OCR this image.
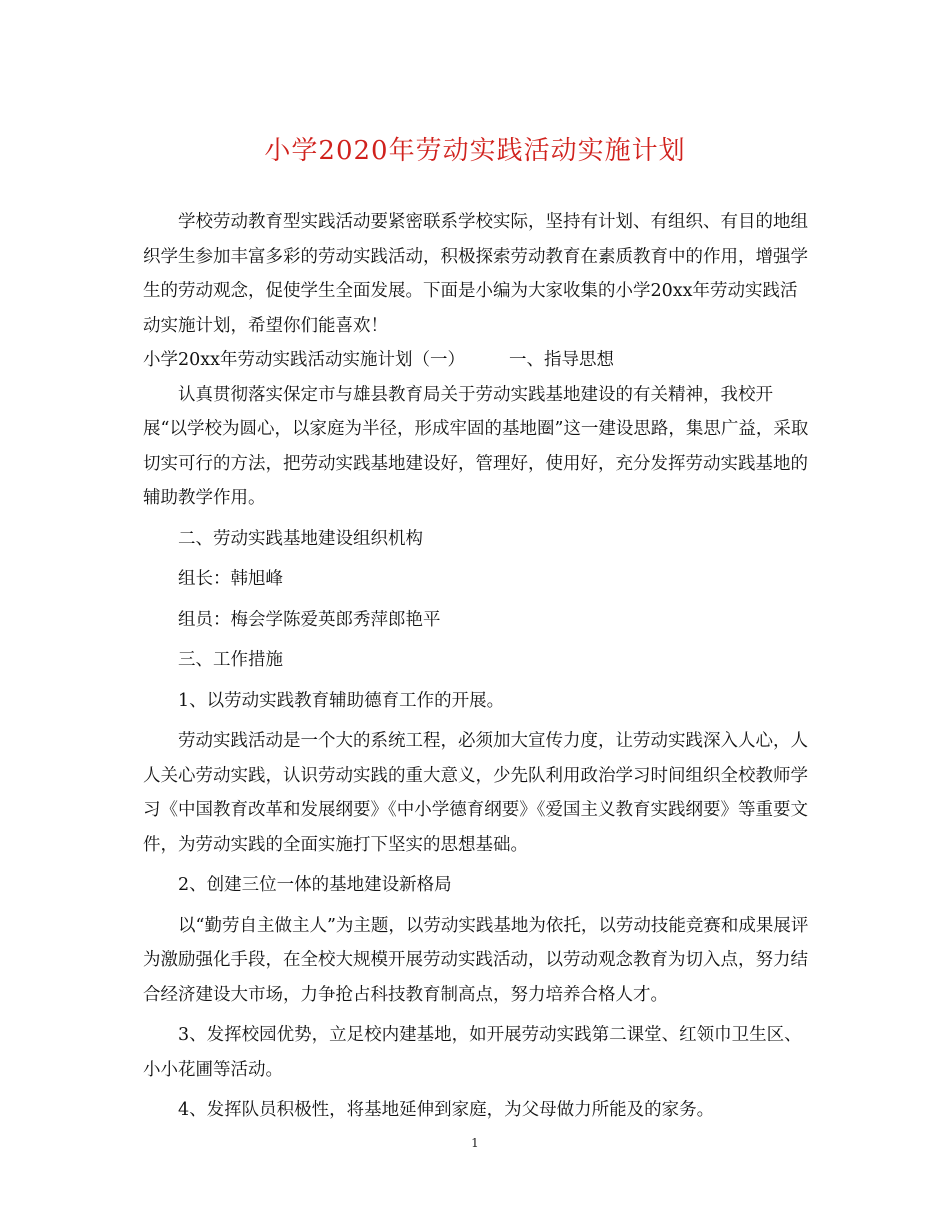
小学2020年劳动实践活动实施计划

学校劳动教育型实践活动要紧密联系学校实际，坚持有计划、有组织、有目的地组织学生参加丰富多彩的劳动实践活动，积极探索劳动教育在素质教育中的作用，增强学生的劳动观念，促使学生全面发展。下面是小编为大家收集的小学20xx年劳动实践活动实施计划，希望你们能喜欢！

小学20xx年劳动实践活动实施计划（一）	一、指导思想

认真贯彻落实保定市与雄县教育局关于劳动实践基地建设的有关精神，我校开展“以学校为圆心，以家庭为半径，形成牢固的基地圈”这一建设思路，集思广益，采取切实可行的方法，把劳动实践基地建设好，管理好，使用好，充分发挥劳动实践基地的辅助教学作用。

二、劳动实践基地建设组织机构

组长：韩旭峰

组员：梅会学陈爱英郎秀萍郎艳平

三、工作措施

1、以劳动实践教育辅助德育工作的开展。

劳动实践活动是一个大的系统工程，必须加大宣传力度，让劳动实践深入人心，人人关心劳动实践，认识劳动实践的重大意义，少先队利用政治学习时间组织全校教师学习《中国教育改革和发展纲要》《中小学德育纲要》《爱国主义教育实践纲要》等重要文件，为劳动实践的全面实施打下坚实的思想基础。

2、创建三位一体的基地建设新格局

以“勤劳自主做主人”为主题，以劳动实践基地为依托，以劳动技能竞赛和成果展评为激励强化手段，在全校大规模开展劳动实践活动，以劳动观念教育为切入点，努力结合经济建设大市场，力争抢占科技教育制高点，努力培养合格人才。

3、发挥校园优势，立足校内建基地，如开展劳动实践第二课堂、红领巾卫生区、小小花圃等活动。

4、发挥队员积极性，将基地延伸到家庭，为父母做力所能及的家务。

1
